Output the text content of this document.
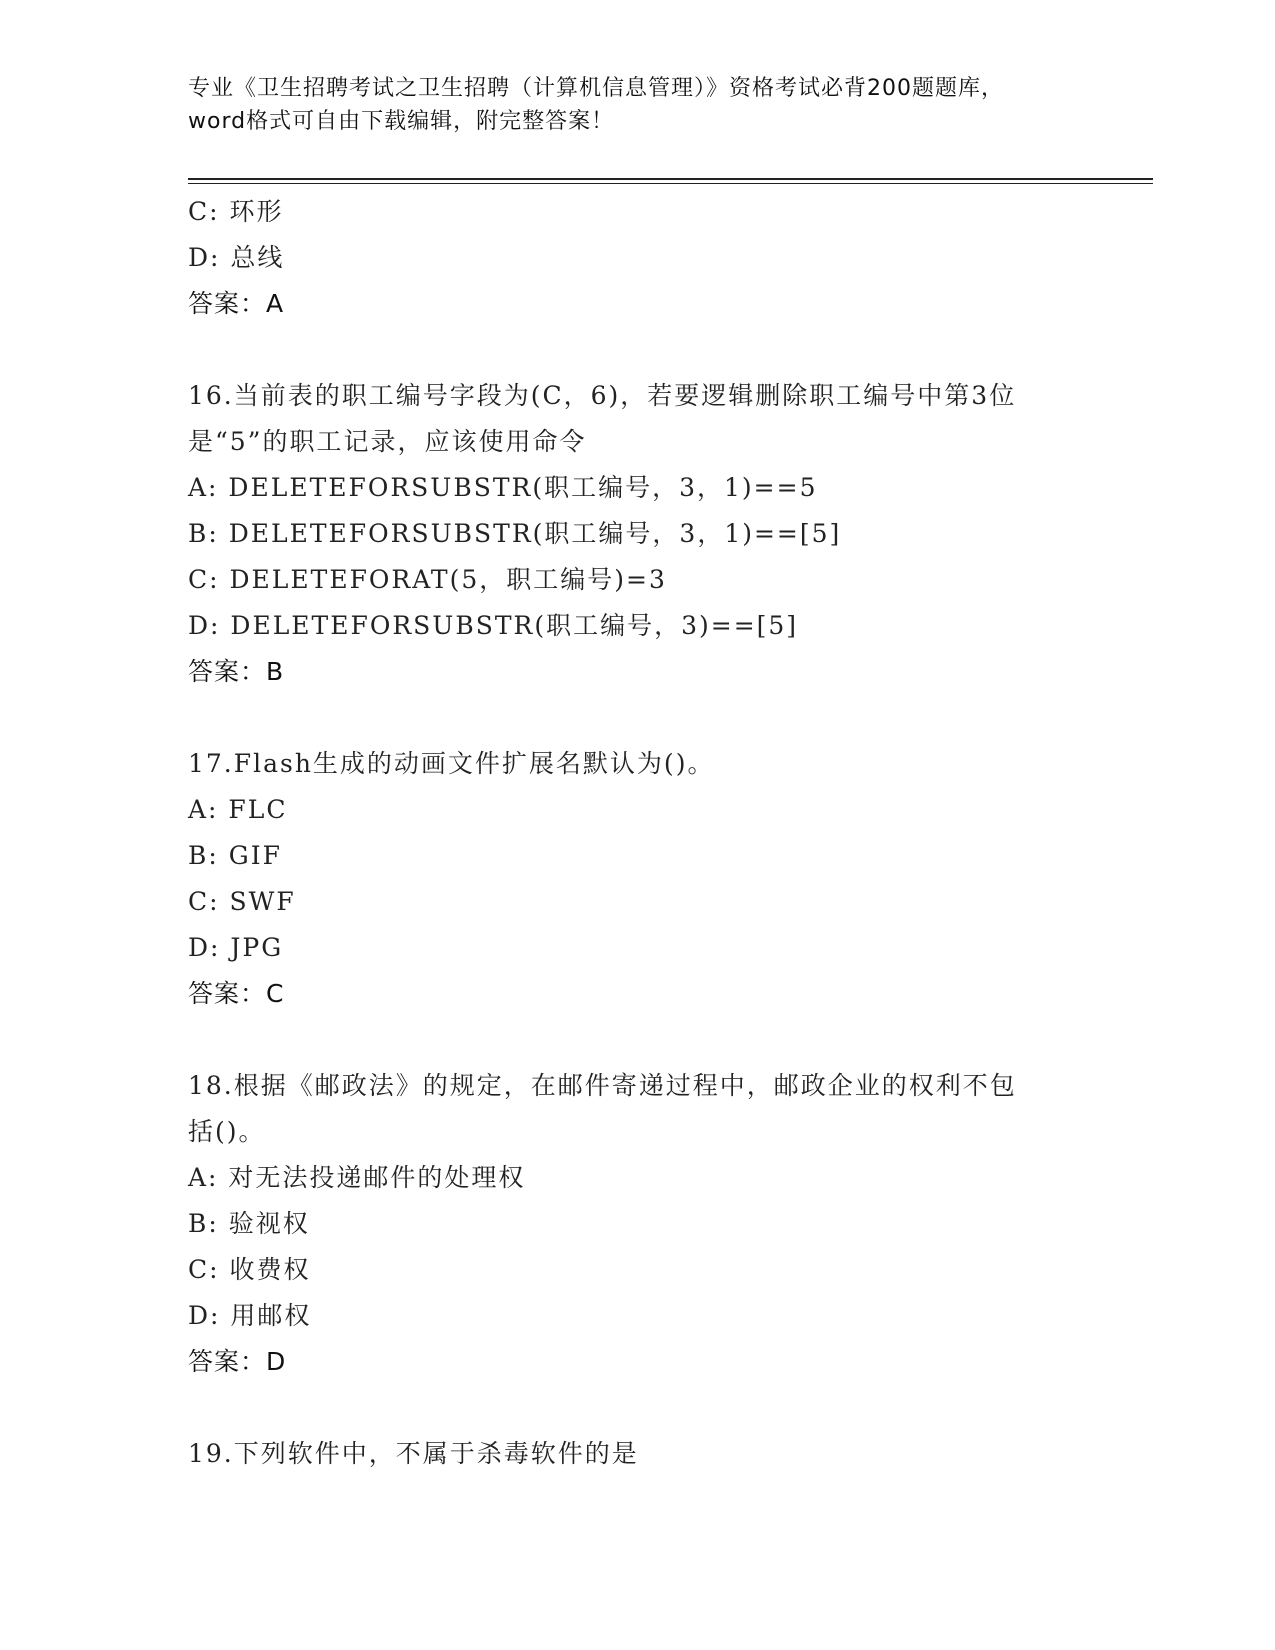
专业《卫生招聘考试之卫生招聘（计算机信息管理）》资格考试必背200题题库，
word格式可自由下载编辑，附完整答案！
C: 环形
D: 总线
答案：A
16.当前表的职工编号字段为(C，6)，若要逻辑删除职工编号中第3位
是“5”的职工记录，应该使用命令
A: DELETEFORSUBSTR(职工编号，3，1)==5
B: DELETEFORSUBSTR(职工编号，3，1)==[5]
C: DELETEFORAT(5，职工编号)=3
D: DELETEFORSUBSTR(职工编号，3)==[5]
答案：B
17.Flash生成的动画文件扩展名默认为()。
A: FLC
B: GIF
C: SWF
D: JPG
答案：C
18.根据《邮政法》的规定，在邮件寄递过程中，邮政企业的权利不包
括()。
A: 对无法投递邮件的处理权
B: 验视权
C: 收费权
D: 用邮权
答案：D
19.下列软件中，不属于杀毒软件的是
